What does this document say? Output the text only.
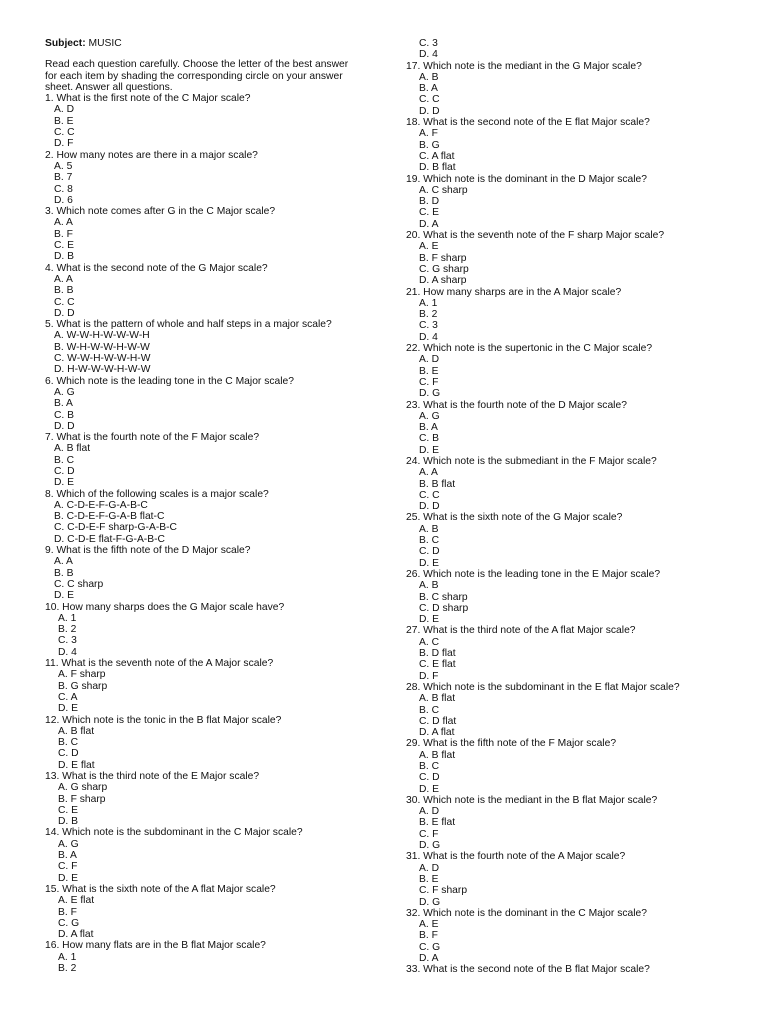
Subject: MUSIC
Read each question carefully. Choose the letter of the best answer for each item by shading the corresponding circle on your answer sheet. Answer all questions.
1. What is the first note of the C Major scale?
A. D
B. E
C. C
D. F
2. How many notes are there in a major scale?
A. 5
B. 7
C. 8
D. 6
3. Which note comes after G in the C Major scale?
A. A
B. F
C. E
D. B
4. What is the second note of the G Major scale?
A. A
B. B
C. C
D. D
5. What is the pattern of whole and half steps in a major scale?
A. W-W-H-W-W-W-H
B. W-H-W-W-H-W-W
C. W-W-H-W-W-H-W
D. H-W-W-W-H-W-W
6. Which note is the leading tone in the C Major scale?
A. G
B. A
C. B
D. D
7. What is the fourth note of the F Major scale?
A. B flat
B. C
C. D
D. E
8. Which of the following scales is a major scale?
A. C-D-E-F-G-A-B-C
B. C-D-E-F-G-A-B flat-C
C. C-D-E-F sharp-G-A-B-C
D. C-D-E flat-F-G-A-B-C
9. What is the fifth note of the D Major scale?
A. A
B. B
C. C sharp
D. E
10. How many sharps does the G Major scale have?
A. 1
B. 2
C. 3
D. 4
11. What is the seventh note of the A Major scale?
A. F sharp
B. G sharp
C. A
D. E
12. Which note is the tonic in the B flat Major scale?
A. B flat
B. C
C. D
D. E flat
13. What is the third note of the E Major scale?
A. G sharp
B. F sharp
C. E
D. B
14. Which note is the subdominant in the C Major scale?
A. G
B. A
C. F
D. E
15. What is the sixth note of the A flat Major scale?
A. E flat
B. F
C. G
D. A flat
16. How many flats are in the B flat Major scale?
A. 1
B. 2
C. 3
D. 4
17. Which note is the mediant in the G Major scale?
A. B
B. A
C. C
D. D
18. What is the second note of the E flat Major scale?
A. F
B. G
C. A flat
D. B flat
19. Which note is the dominant in the D Major scale?
A. C sharp
B. D
C. E
D. A
20. What is the seventh note of the F sharp Major scale?
A. E
B. F sharp
C. G sharp
D. A sharp
21. How many sharps are in the A Major scale?
A. 1
B. 2
C. 3
D. 4
22. Which note is the supertonic in the C Major scale?
A. D
B. E
C. F
D. G
23. What is the fourth note of the D Major scale?
A. G
B. A
C. B
D. E
24. Which note is the submediant in the F Major scale?
A. A
B. B flat
C. C
D. D
25. What is the sixth note of the G Major scale?
A. B
B. C
C. D
D. E
26. Which note is the leading tone in the E Major scale?
A. B
B. C sharp
C. D sharp
D. E
27. What is the third note of the A flat Major scale?
A. C
B. D flat
C. E flat
D. F
28. Which note is the subdominant in the E flat Major scale?
A. B flat
B. C
C. D flat
D. A flat
29. What is the fifth note of the F Major scale?
A. B flat
B. C
C. D
D. E
30. Which note is the mediant in the B flat Major scale?
A. D
B. E flat
C. F
D. G
31. What is the fourth note of the A Major scale?
A. D
B. E
C. F sharp
D. G
32. Which note is the dominant in the C Major scale?
A. E
B. F
C. G
D. A
33. What is the second note of the B flat Major scale?
